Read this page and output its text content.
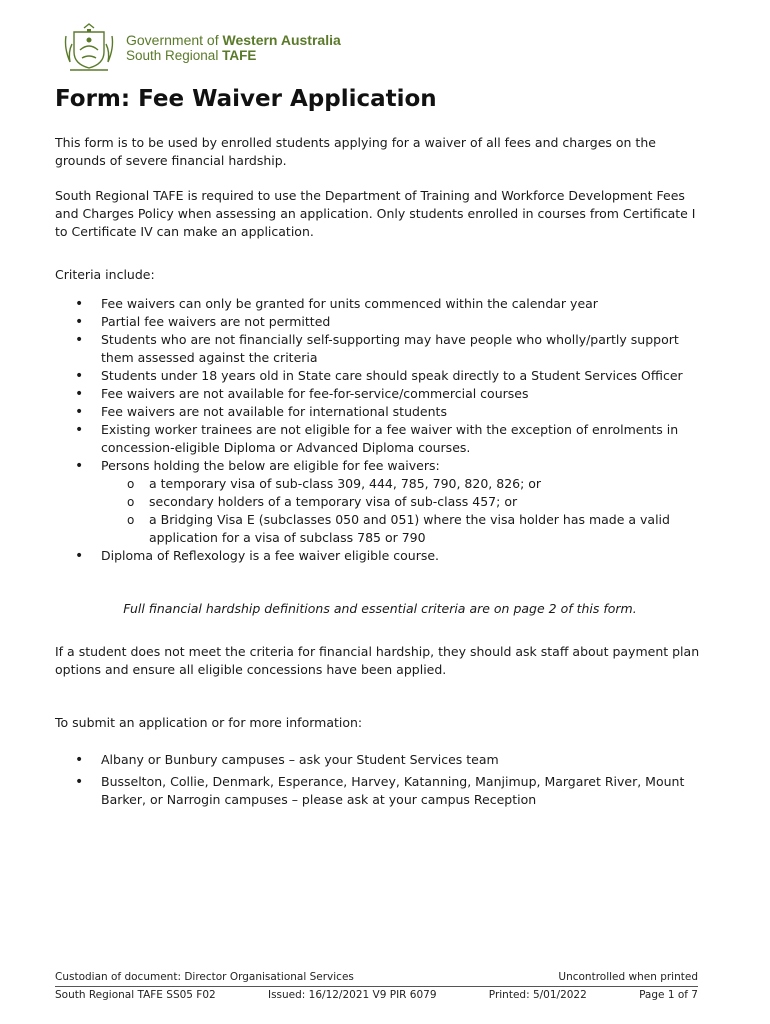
Government of Western Australia
South Regional TAFE
Form: Fee Waiver Application

This form is to be used by enrolled students applying for a waiver of all fees and charges on the grounds of severe financial hardship.

South Regional TAFE is required to use the Department of Training and Workforce Development Fees and Charges Policy when assessing an application. Only students enrolled in courses from Certificate I to Certificate IV can make an application.

Criteria include:

• Fee waivers can only be granted for units commenced within the calendar year
• Partial fee waivers are not permitted
• Students who are not financially self-supporting may have people who wholly/partly support them assessed against the criteria
• Students under 18 years old in State care should speak directly to a Student Services Officer
• Fee waivers are not available for fee-for-service/commercial courses
• Fee waivers are not available for international students
• Existing worker trainees are not eligible for a fee waiver with the exception of enrolments in concession-eligible Diploma or Advanced Diploma courses.
• Persons holding the below are eligible for fee waivers:
o a temporary visa of sub-class 309, 444, 785, 790, 820, 826; or
o secondary holders of a temporary visa of sub-class 457; or
o a Bridging Visa E (subclasses 050 and 051) where the visa holder has made a valid application for a visa of subclass 785 or 790
• Diploma of Reflexology is a fee waiver eligible course.

Full financial hardship definitions and essential criteria are on page 2 of this form.

If a student does not meet the criteria for financial hardship, they should ask staff about payment plan options and ensure all eligible concessions have been applied.

To submit an application or for more information:

• Albany or Bunbury campuses – ask your Student Services team
• Busselton, Collie, Denmark, Esperance, Harvey, Katanning, Manjimup, Margaret River, Mount Barker, or Narrogin campuses – please ask at your campus Reception
Custodian of document: Director Organisational Services	Uncontrolled when printed
South Regional TAFE SS05 F02	Issued: 16/12/2021 V9 PIR 6079	Printed: 5/01/2022	Page 1 of 7
